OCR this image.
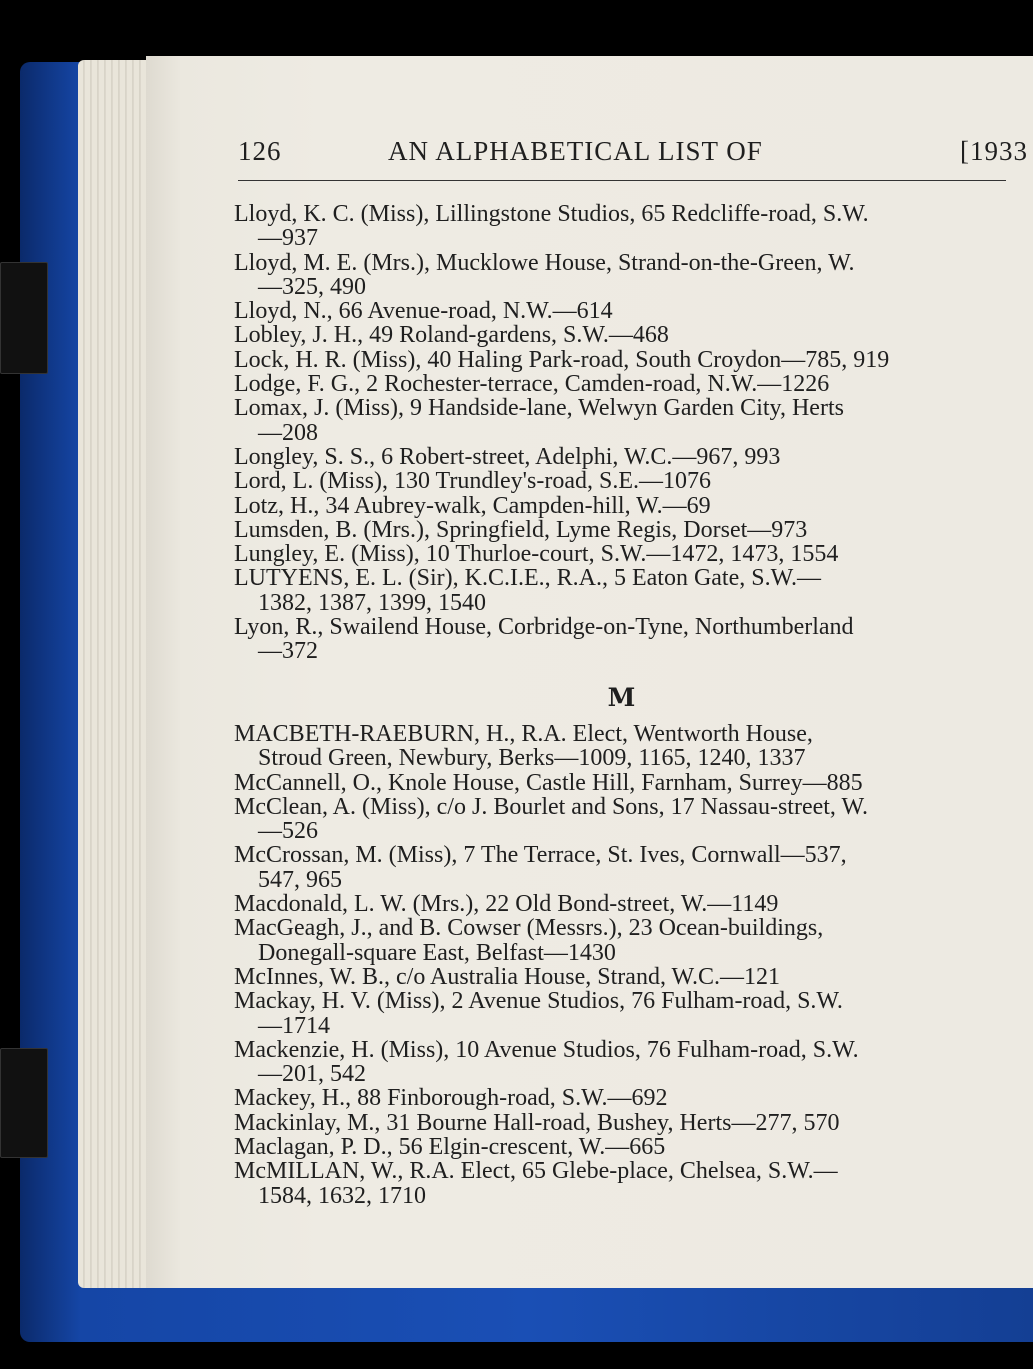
126	AN ALPHABETICAL LIST OF	[1933
Lloyd, K. C. (Miss), Lillingstone Studios, 65 Redcliffe-road, S.W.
—937
Lloyd, M. E. (Mrs.), Mucklowe House, Strand-on-the-Green, W.
—325, 490
Lloyd, N., 66 Avenue-road, N.W.—614
Lobley, J. H., 49 Roland-gardens, S.W.—468
Lock, H. R. (Miss), 40 Haling Park-road, South Croydon—785, 919
Lodge, F. G., 2 Rochester-terrace, Camden-road, N.W.—1226
Lomax, J. (Miss), 9 Handside-lane, Welwyn Garden City, Herts
—208
Longley, S. S., 6 Robert-street, Adelphi, W.C.—967, 993
Lord, L. (Miss), 130 Trundley's-road, S.E.—1076
Lotz, H., 34 Aubrey-walk, Campden-hill, W.—69
Lumsden, B. (Mrs.), Springfield, Lyme Regis, Dorset—973
Lungley, E. (Miss), 10 Thurloe-court, S.W.—1472, 1473, 1554
LUTYENS, E. L. (Sir), K.C.I.E., R.A., 5 Eaton Gate, S.W.—
1382, 1387, 1399, 1540
Lyon, R., Swailend House, Corbridge-on-Tyne, Northumberland
—372
M
MACBETH-RAEBURN, H., R.A. Elect, Wentworth House,
Stroud Green, Newbury, Berks—1009, 1165, 1240, 1337
McCannell, O., Knole House, Castle Hill, Farnham, Surrey—885
McClean, A. (Miss), c/o J. Bourlet and Sons, 17 Nassau-street, W.
—526
McCrossan, M. (Miss), 7 The Terrace, St. Ives, Cornwall—537,
547, 965
Macdonald, L. W. (Mrs.), 22 Old Bond-street, W.—1149
MacGeagh, J., and B. Cowser (Messrs.), 23 Ocean-buildings,
Donegall-square East, Belfast—1430
McInnes, W. B., c/o Australia House, Strand, W.C.—121
Mackay, H. V. (Miss), 2 Avenue Studios, 76 Fulham-road, S.W.
—1714
Mackenzie, H. (Miss), 10 Avenue Studios, 76 Fulham-road, S.W.
—201, 542
Mackey, H., 88 Finborough-road, S.W.—692
Mackinlay, M., 31 Bourne Hall-road, Bushey, Herts—277, 570
Maclagan, P. D., 56 Elgin-crescent, W.—665
McMILLAN, W., R.A. Elect, 65 Glebe-place, Chelsea, S.W.—
1584, 1632, 1710
